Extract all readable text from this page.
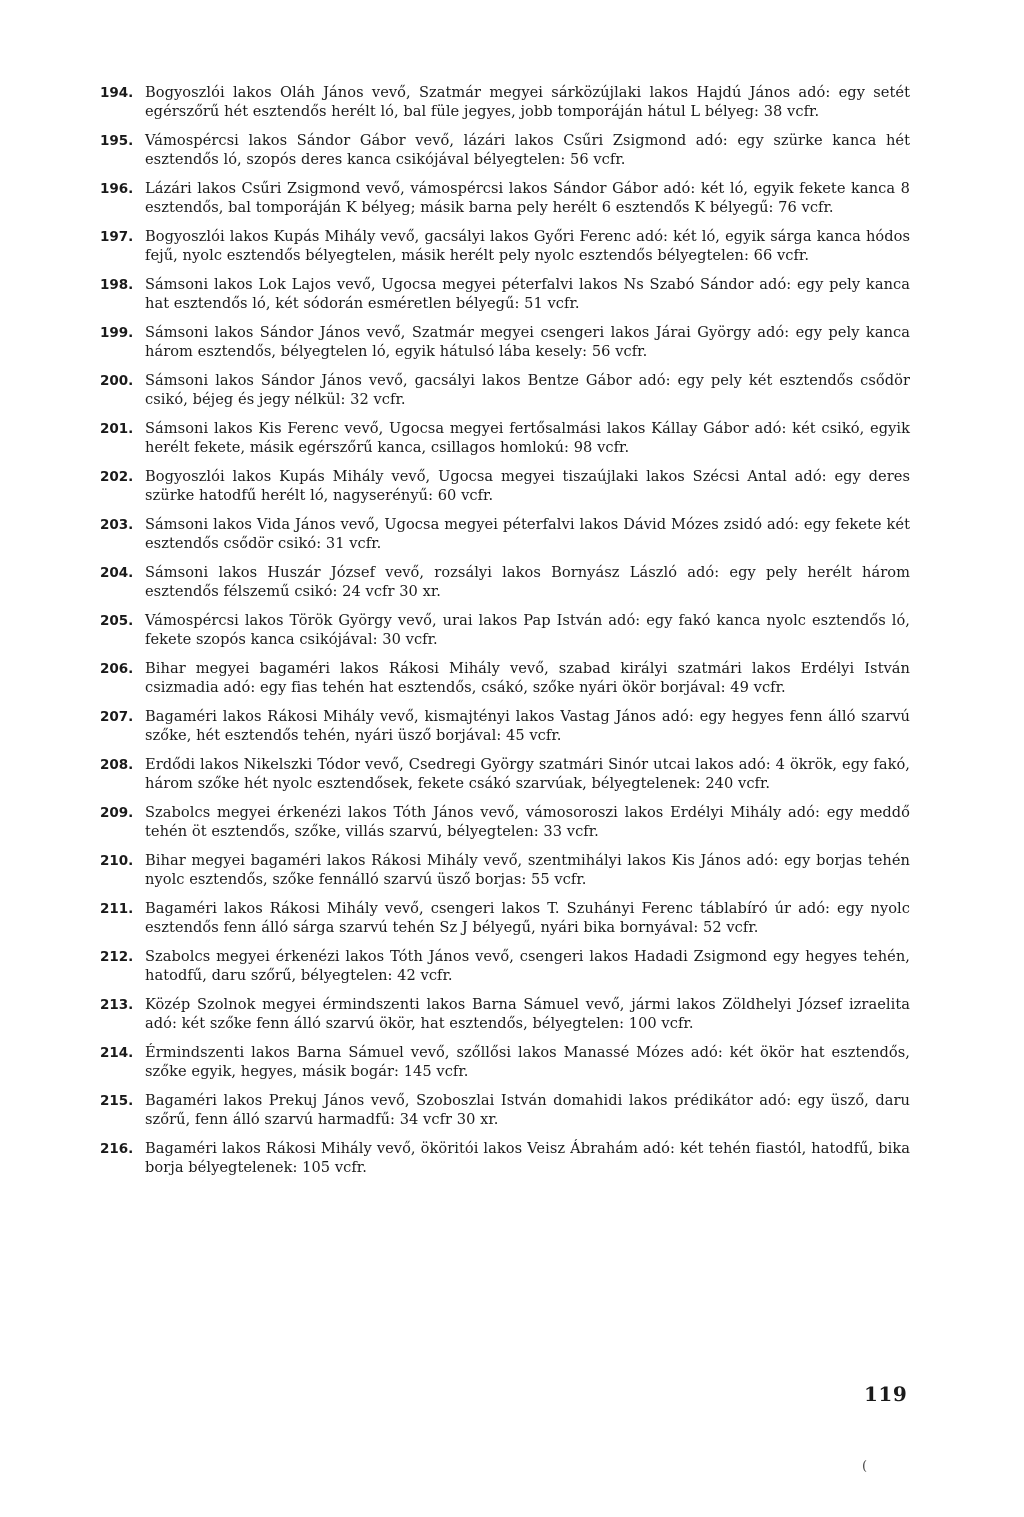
194. Bogyoszlói lakos Oláh János vevő, Szatmár megyei sárközújlaki lakos Hajdú János adó: egy setét egérszőrű hét esztendős herélt ló, bal füle jegyes, jobb tomporáján hátul L bélyeg: 38 vcfr.
195. Vámospércsi lakos Sándor Gábor vevő, lázári lakos Csűri Zsigmond adó: egy szürke kanca hét esztendős ló, szopós deres kanca csikójával bélyegtelen: 56 vcfr.
196. Lázári lakos Csűri Zsigmond vevő, vámospércsi lakos Sándor Gábor adó: két ló, egyik fekete kanca 8 esztendős, bal tomporáján K bélyeg; másik barna pely herélt 6 esztendős K bélyegű: 76 vcfr.
197. Bogyoszlói lakos Kupás Mihály vevő, gacsályi lakos Győri Ferenc adó: két ló, egyik sárga kanca hódos fejű, nyolc esztendős bélyegtelen, másik herélt pely nyolc esztendős bélyegtelen: 66 vcfr.
198. Sámsoni lakos Lok Lajos vevő, Ugocsa megyei péterfalvi lakos Ns Szabó Sándor adó: egy pely kanca hat esztendős ló, két sódorán esméretlen bélyegű: 51 vcfr.
199. Sámsoni lakos Sándor János vevő, Szatmár megyei csengeri lakos Járai György adó: egy pely kanca három esztendős, bélyegtelen ló, egyik hátulsó lába kesely: 56 vcfr.
200. Sámsoni lakos Sándor János vevő, gacsályi lakos Bentze Gábor adó: egy pely két esztendős csődör csikó, béjeg és jegy nélkül: 32 vcfr.
201. Sámsoni lakos Kis Ferenc vevő, Ugocsa megyei fertősalmási lakos Kállay Gábor adó: két csikó, egyik herélt fekete, másik egérszőrű kanca, csillagos homlokú: 98 vcfr.
202. Bogyoszlói lakos Kupás Mihály vevő, Ugocsa megyei tiszaújlaki lakos Szécsi Antal adó: egy deres szürke hatodfű herélt ló, nagyserényű: 60 vcfr.
203. Sámsoni lakos Vida János vevő, Ugocsa megyei péterfalvi lakos Dávid Mózes zsidó adó: egy fekete két esztendős csődör csikó: 31 vcfr.
204. Sámsoni lakos Huszár József vevő, rozsályi lakos Bornyász László adó: egy pely herélt három esztendős félszemű csikó: 24 vcfr 30 xr.
205. Vámospércsi lakos Török György vevő, urai lakos Pap István adó: egy fakó kanca nyolc esztendős ló, fekete szopós kanca csikójával: 30 vcfr.
206. Bihar megyei bagaméri lakos Rákosi Mihály vevő, szabad királyi szatmári lakos Erdélyi István csizmadia adó: egy fias tehén hat esztendős, csákó, szőke nyári ökör borjával: 49 vcfr.
207. Bagaméri lakos Rákosi Mihály vevő, kismajtényi lakos Vastag János adó: egy hegyes fenn álló szarvú szőke, hét esztendős tehén, nyári üsző borjával: 45 vcfr.
208. Erdődi lakos Nikelszki Tódor vevő, Csedregi György szatmári Sinór utcai lakos adó: 4 ökrök, egy fakó, három szőke hét nyolc esztendősek, fekete csákó szarvúak, bélyegtelenek: 240 vcfr.
209. Szabolcs megyei érkenézi lakos Tóth János vevő, vámosoroszi lakos Erdélyi Mihály adó: egy meddő tehén öt esztendős, szőke, villás szarvú, bélyegtelen: 33 vcfr.
210. Bihar megyei bagaméri lakos Rákosi Mihály vevő, szentmihályi lakos Kis János adó: egy borjas tehén nyolc esztendős, szőke fennálló szarvú üsző borjas: 55 vcfr.
211. Bagaméri lakos Rákosi Mihály vevő, csengeri lakos T. Szuhányi Ferenc táblabíró úr adó: egy nyolc esztendős fenn álló sárga szarvú tehén Sz J bélyegű, nyári bika bornyával: 52 vcfr.
212. Szabolcs megyei érkenézi lakos Tóth János vevő, csengeri lakos Hadadi Zsigmond egy hegyes tehén, hatodfű, daru szőrű, bélyegtelen: 42 vcfr.
213. Közép Szolnok megyei érmindszenti lakos Barna Sámuel vevő, jármi lakos Zöldhelyi József izraelita adó: két szőke fenn álló szarvú ökör, hat esztendős, bélyegtelen: 100 vcfr.
214. Érmindszenti lakos Barna Sámuel vevő, szőllősi lakos Manassé Mózes adó: két ökör hat esztendős, szőke egyik, hegyes, másik bogár: 145 vcfr.
215. Bagaméri lakos Prekuj János vevő, Szoboszlai István domahidi lakos prédikátor adó: egy üsző, daru szőrű, fenn álló szarvú harmadfű: 34 vcfr 30 xr.
216. Bagaméri lakos Rákosi Mihály vevő, ököritói lakos Veisz Ábrahám adó: két tehén fiastól, hatodfű, bika borja bélyegtelenek: 105 vcfr.
119
(
